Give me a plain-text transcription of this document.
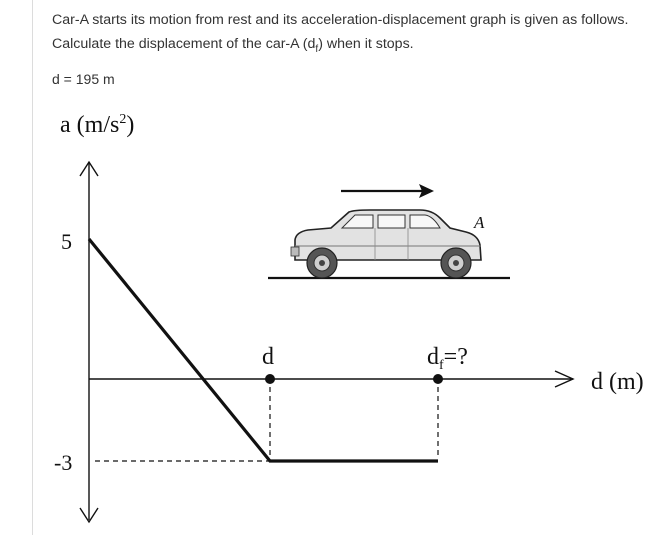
Car-A starts its motion from rest and its acceleration-displacement graph is given as follows. Calculate the displacement of the car-A $(d_f)$ when it stops.
d = 195 m
a $(m/s^2)$
d (m)
5
-3
d	$d_f=$?
A
